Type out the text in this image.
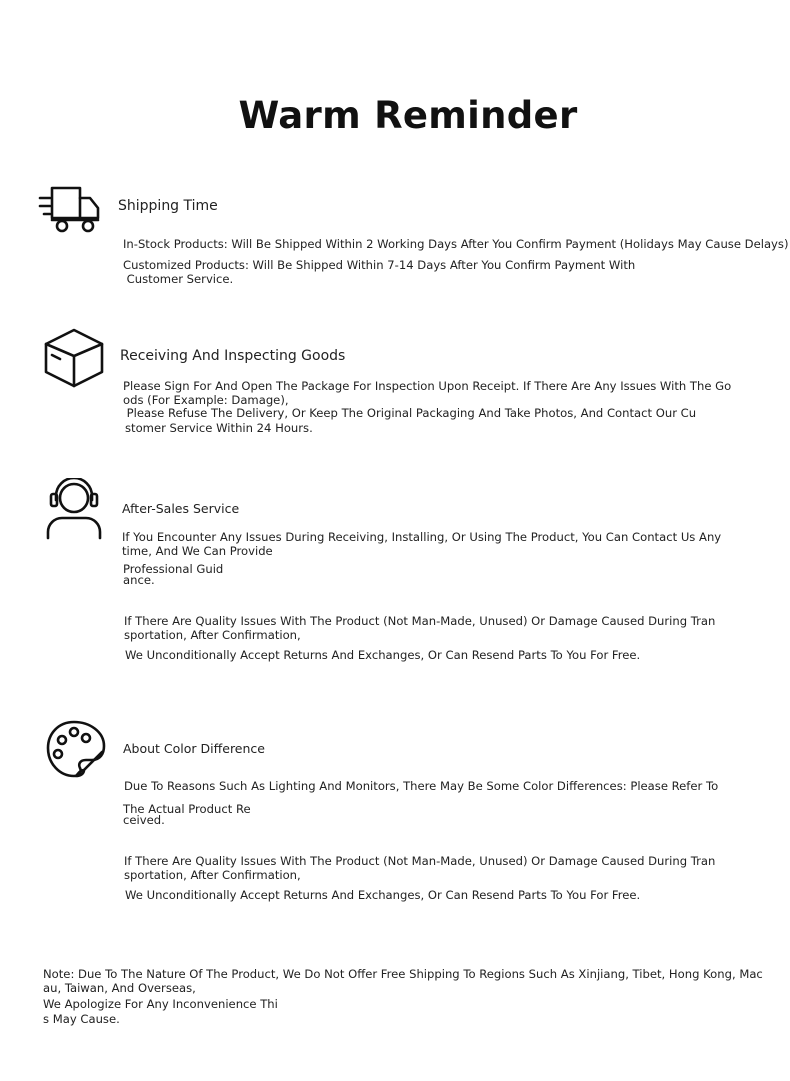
Warm Reminder
Shipping Time
In-Stock Products: Will Be Shipped Within 2 Working Days After You Confirm Payment (Holidays May Cause Delays)
Customized Products: Will Be Shipped Within 7-14 Days After You Confirm Payment With
Customer Service.
Receiving And Inspecting Goods
Please Sign For And Open The Package For Inspection Upon Receipt. If There Are Any Issues With The Go
ods (For Example: Damage),
Please Refuse The Delivery, Or Keep The Original Packaging And Take Photos, And Contact Our Cu
stomer Service Within 24 Hours.
After-Sales Service
If You Encounter Any Issues During Receiving, Installing, Or Using The Product, You Can Contact Us Any
time, And We Can Provide
Professional Guid
ance.
If There Are Quality Issues With The Product (Not Man-Made, Unused) Or Damage Caused During Tran
sportation, After Confirmation,
We Unconditionally Accept Returns And Exchanges, Or Can Resend Parts To You For Free.
About Color Difference
Due To Reasons Such As Lighting And Monitors, There May Be Some Color Differences: Please Refer To
The Actual Product Re
ceived.
If There Are Quality Issues With The Product (Not Man-Made, Unused) Or Damage Caused During Tran
sportation, After Confirmation,
We Unconditionally Accept Returns And Exchanges, Or Can Resend Parts To You For Free.
Note: Due To The Nature Of The Product, We Do Not Offer Free Shipping To Regions Such As Xinjiang, Tibet, Hong Kong, Mac
au, Taiwan, And Overseas,
We Apologize For Any Inconvenience Thi
s May Cause.
